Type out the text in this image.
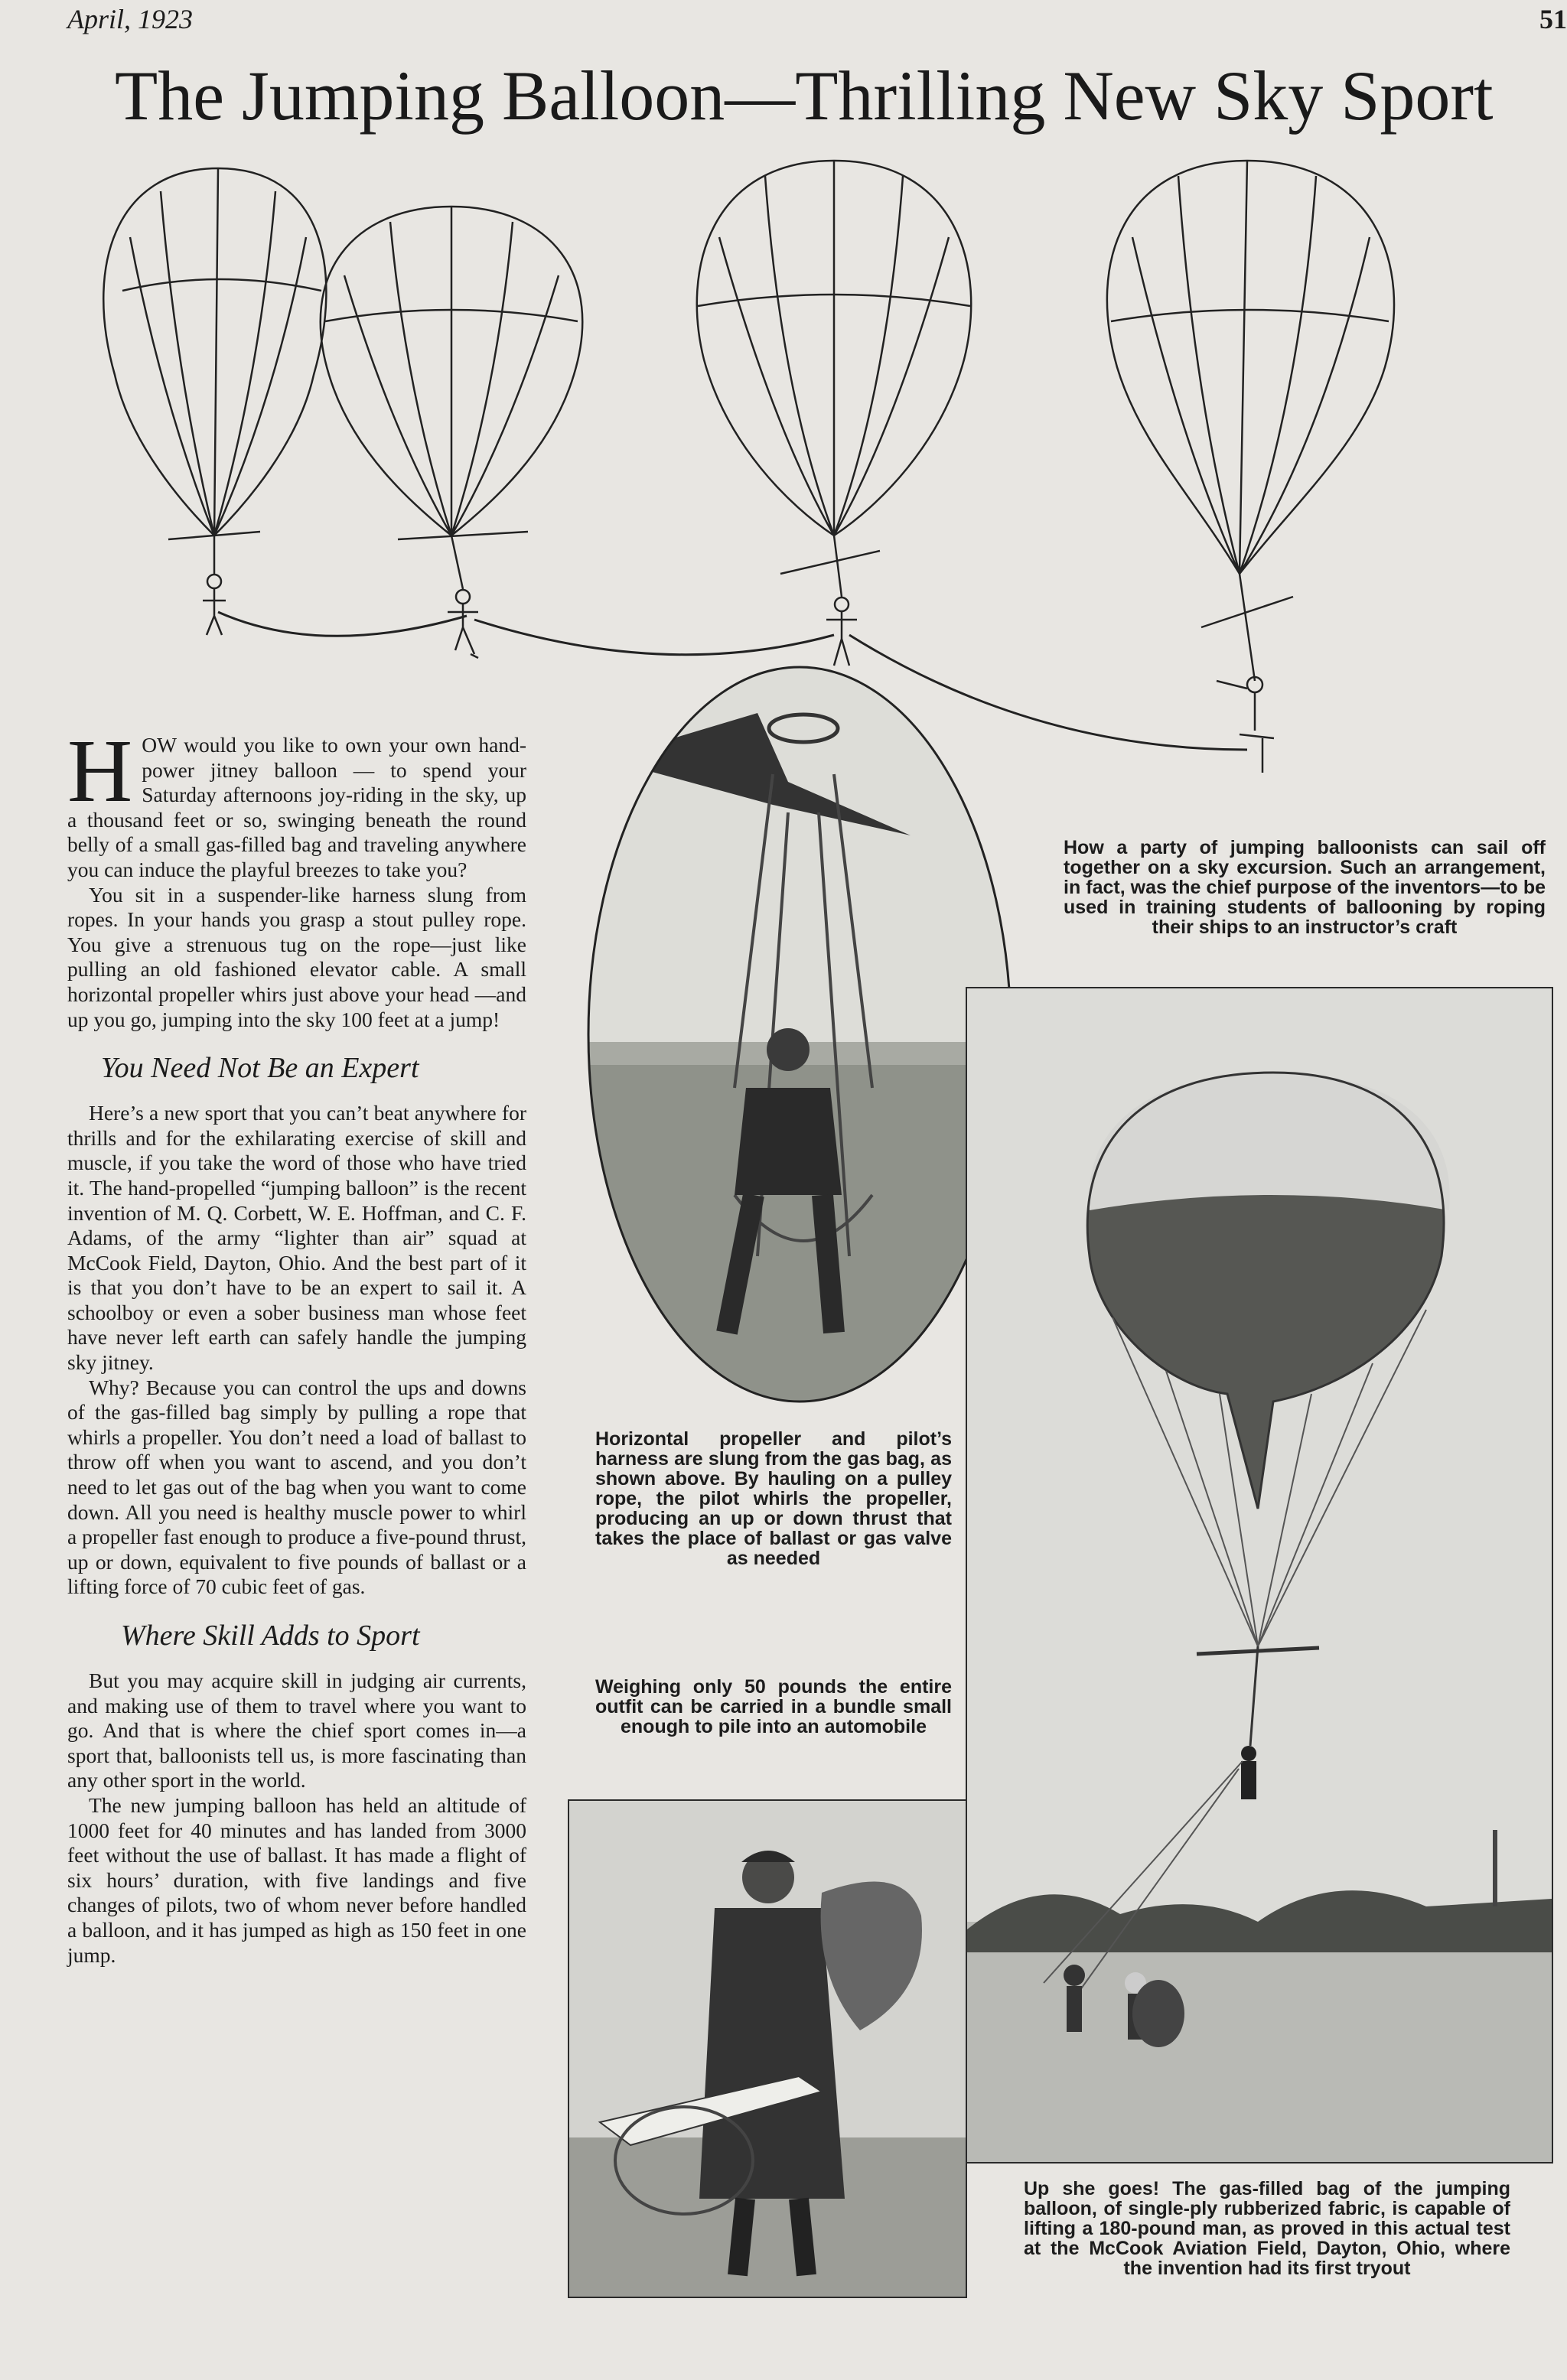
April, 1923	51
The Jumping Balloon—Thrilling New Sky Sport

HOW would you like to own your own hand-power jitney balloon — to spend your Saturday afternoons joy-riding in the sky, up a thousand feet or so, swinging beneath the round belly of a small gas-filled bag and traveling anywhere you can induce the playful breezes to take you?

You sit in a suspender-like harness slung from ropes. In your hands you grasp a stout pulley rope. You give a strenuous tug on the rope—just like pulling an old fashioned elevator cable. A small horizontal propeller whirs just above your head —and up you go, jumping into the sky 100 feet at a jump!

You Need Not Be an Expert

Here’s a new sport that you can’t beat anywhere for thrills and for the exhilarating exercise of skill and muscle, if you take the word of those who have tried it. The hand-propelled “jumping balloon” is the recent invention of M. Q. Corbett, W. E. Hoffman, and C. F. Adams, of the army “lighter than air” squad at McCook Field, Dayton, Ohio. And the best part of it is that you don’t have to be an expert to sail it. A schoolboy or even a sober business man whose feet have never left earth can safely handle the jumping sky jitney.

Why? Because you can control the ups and downs of the gas-filled bag simply by pulling a rope that whirls a propeller. You don’t need a load of ballast to throw off when you want to ascend, and you don’t need to let gas out of the bag when you want to come down. All you need is healthy muscle power to whirl a propeller fast enough to produce a five-pound thrust, up or down, equivalent to five pounds of ballast or a lifting force of 70 cubic feet of gas.

Where Skill Adds to Sport

But you may acquire skill in judging air currents, and making use of them to travel where you want to go. And that is where the chief sport comes in—a sport that, balloonists tell us, is more fascinating than any other sport in the world.

The new jumping balloon has held an altitude of 1000 feet for 40 minutes and has landed from 3000 feet without the use of ballast. It has made a flight of six hours’ duration, with five landings and five changes of pilots, two of whom never before handled a balloon, and it has jumped as high as 150 feet in one jump.

How a party of jumping balloonists can sail off together on a sky excursion. Such an arrangement, in fact, was the chief purpose of the inventors—to be used in training students of ballooning by roping their ships to an instructor’s craft
Horizontal propeller and pilot’s harness are slung from the gas bag, as shown above. By hauling on a pulley rope, the pilot whirls the propeller, producing an up or down thrust that takes the place of ballast or gas valve as needed
Weighing only 50 pounds the entire outfit can be carried in a bundle small enough to pile into an automobile
Up she goes! The gas-filled bag of the jumping balloon, of single-ply rubberized fabric, is capable of lifting a 180-pound man, as proved in this actual test at the McCook Aviation Field, Dayton, Ohio, where the invention had its first tryout
